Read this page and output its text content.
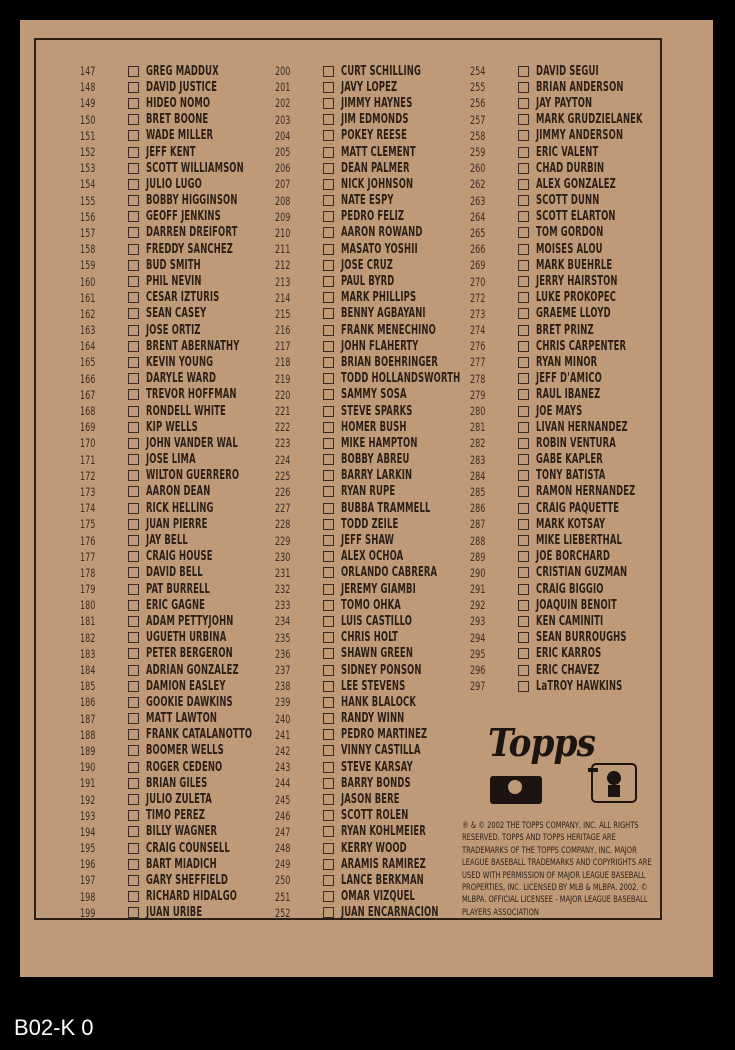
147	GREG MADDUX
148	DAVID JUSTICE
149	HIDEO NOMO
150	BRET BOONE
151	WADE MILLER
152	JEFF KENT
153	SCOTT WILLIAMSON
154	JULIO LUGO
155	BOBBY HIGGINSON
156	GEOFF JENKINS
157	DARREN DREIFORT
158	FREDDY SANCHEZ
159	BUD SMITH
160	PHIL NEVIN
161	CESAR IZTURIS
162	SEAN CASEY
163	JOSE ORTIZ
164	BRENT ABERNATHY
165	KEVIN YOUNG
166	DARYLE WARD
167	TREVOR HOFFMAN
168	RONDELL WHITE
169	KIP WELLS
170	JOHN VANDER WAL
171	JOSE LIMA
172	WILTON GUERRERO
173	AARON DEAN
174	RICK HELLING
175	JUAN PIERRE
176	JAY BELL
177	CRAIG HOUSE
178	DAVID BELL
179	PAT BURRELL
180	ERIC GAGNE
181	ADAM PETTYJOHN
182	UGUETH URBINA
183	PETER BERGERON
184	ADRIAN GONZALEZ
185	DAMION EASLEY
186	GOOKIE DAWKINS
187	MATT LAWTON
188	FRANK CATALANOTTO
189	BOOMER WELLS
190	ROGER CEDENO
191	BRIAN GILES
192	JULIO ZULETA
193	TIMO PEREZ
194	BILLY WAGNER
195	CRAIG COUNSELL
196	BART MIADICH
197	GARY SHEFFIELD
198	RICHARD HIDALGO
199	JUAN URIBE
200	CURT SCHILLING
201	JAVY LOPEZ
202	JIMMY HAYNES
203	JIM EDMONDS
204	POKEY REESE
205	MATT CLEMENT
206	DEAN PALMER
207	NICK JOHNSON
208	NATE ESPY
209	PEDRO FELIZ
210	AARON ROWAND
211	MASATO YOSHII
212	JOSE CRUZ
213	PAUL BYRD
214	MARK PHILLIPS
215	BENNY AGBAYANI
216	FRANK MENECHINO
217	JOHN FLAHERTY
218	BRIAN BOEHRINGER
219	TODD HOLLANDSWORTH
220	SAMMY SOSA
221	STEVE SPARKS
222	HOMER BUSH
223	MIKE HAMPTON
224	BOBBY ABREU
225	BARRY LARKIN
226	RYAN RUPE
227	BUBBA TRAMMELL
228	TODD ZEILE
229	JEFF SHAW
230	ALEX OCHOA
231	ORLANDO CABRERA
232	JEREMY GIAMBI
233	TOMO OHKA
234	LUIS CASTILLO
235	CHRIS HOLT
236	SHAWN GREEN
237	SIDNEY PONSON
238	LEE STEVENS
239	HANK BLALOCK
240	RANDY WINN
241	PEDRO MARTINEZ
242	VINNY CASTILLA
243	STEVE KARSAY
244	BARRY BONDS
245	JASON BERE
246	SCOTT ROLEN
247	RYAN KOHLMEIER
248	KERRY WOOD
249	ARAMIS RAMIREZ
250	LANCE BERKMAN
251	OMAR VIZQUEL
252	JUAN ENCARNACION
254	DAVID SEGUI
255	BRIAN ANDERSON
256	JAY PAYTON
257	MARK GRUDZIELANEK
258	JIMMY ANDERSON
259	ERIC VALENT
260	CHAD DURBIN
262	ALEX GONZALEZ
263	SCOTT DUNN
264	SCOTT ELARTON
265	TOM GORDON
266	MOISES ALOU
269	MARK BUEHRLE
270	JERRY HAIRSTON
272	LUKE PROKOPEC
273	GRAEME LLOYD
274	BRET PRINZ
276	CHRIS CARPENTER
277	RYAN MINOR
278	JEFF D'AMICO
279	RAUL IBANEZ
280	JOE MAYS
281	LIVAN HERNANDEZ
282	ROBIN VENTURA
283	GABE KAPLER
284	TONY BATISTA
285	RAMON HERNANDEZ
286	CRAIG PAQUETTE
287	MARK KOTSAY
288	MIKE LIEBERTHAL
289	JOE BORCHARD
290	CRISTIAN GUZMAN
291	CRAIG BIGGIO
292	JOAQUIN BENOIT
293	KEN CAMINITI
294	SEAN BURROUGHS
295	ERIC KARROS
296	ERIC CHAVEZ
297	LaTROY HAWKINS
Topps
® & © 2002 THE TOPPS COMPANY, INC. ALL RIGHTS RESERVED. TOPPS AND TOPPS HERITAGE ARE TRADEMARKS OF THE TOPPS COMPANY, INC. MAJOR LEAGUE BASEBALL TRADEMARKS AND COPYRIGHTS ARE USED WITH PERMISSION OF MAJOR LEAGUE BASEBALL PROPERTIES, INC. LICENSED BY MLB & MLBPA. 2002. © MLBPA. OFFICIAL LICENSEE - MAJOR LEAGUE BASEBALL PLAYERS ASSOCIATION
B02-K 0
